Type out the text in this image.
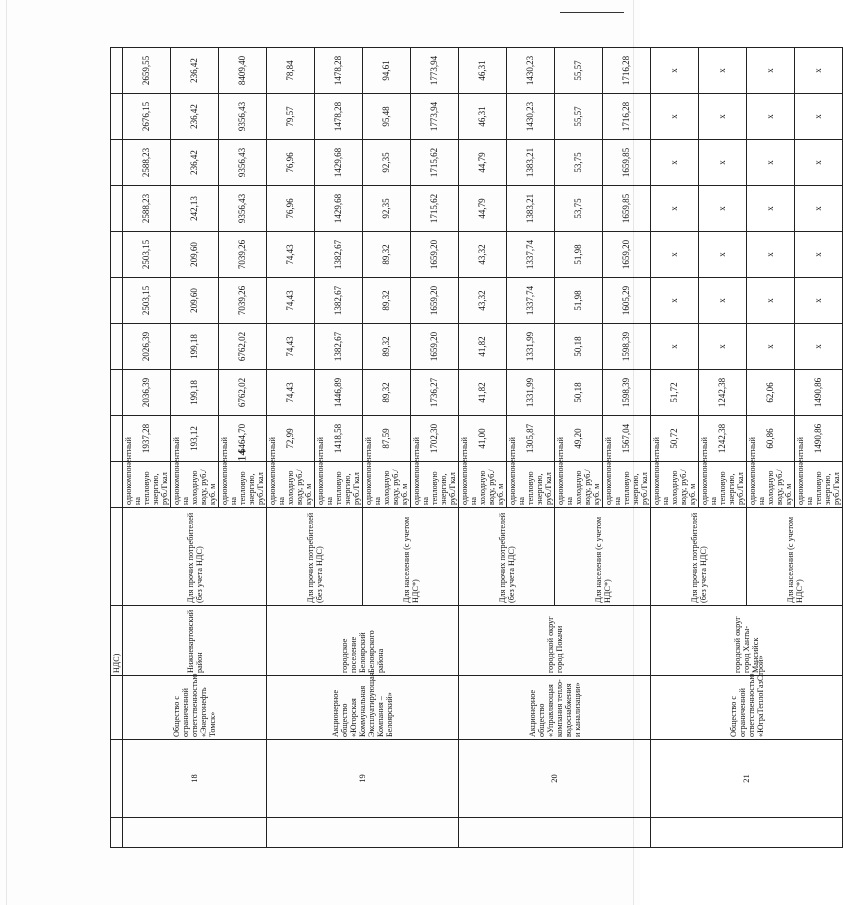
14
			НДС)												
	18	Общество с ограниченной ответственностью «Энергонефть Томск»	Нижневартовский район	Для прочих потребителей (без учета НДС)	однокомпонентный на тепловую энергию, руб./Гкал	1937,28	2036,39	2026,39	2503,15	2503,15	2588,23	2588,23	2676,15	2659,55	
					однокомпонентный на холодную воду, руб./куб. м	193,12	199,18	199,18	209,60	209,60	242,13	236,42	236,42	236,42	
					однокомпонентный на тепловую энергию, руб./Гкал	6464,70	6762,02	6762,02	7039,26	7039,26	9356,43	9356,43	9356,43	8409,40	
	19	Акционерное общество «Югорская Коммунальная Эксплуатирующая Компания – Белоярский»	городское поселение Белоярский Белоярского района	Для прочих потребителей (без учета НДС)	однокомпонентный на холодную воду, руб./куб. м	72,99	74,43	74,43	74,43	74,43	76,96	76,96	79,57	78,84	
					однокомпонентный на тепловую энергию, руб./Гкал	1418,58	1446,89	1382,67	1382,67	1382,67	1429,68	1429,68	1478,28	1478,28	
				Для населения (с учетом НДС*)	однокомпонентный на холодную воду, руб./куб. м	87,59	89,32	89,32	89,32	89,32	92,35	92,35	95,48	94,61	
					однокомпонентный на тепловую энергию, руб./Гкал	1702,30	1736,27	1659,20	1659,20	1659,20	1715,62	1715,62	1773,94	1773,94	
	20	Акционерное общество «Управляющая компания тепло-водоснабжения и канализации»	городской округ город Покачи	Для прочих потребителей (без учета НДС)	однокомпонентный на холодную воду, руб./куб. м	41,00	41,82	41,82	43,32	43,32	44,79	44,79	46,31	46,31	
					однокомпонентный на тепловую энергию, руб./Гкал	1305,87	1331,99	1331,99	1337,74	1337,74	1383,21	1383,21	1430,23	1430,23	
				Для населения (с учетом НДС*)	однокомпонентный на холодную воду, руб./куб. м	49,20	50,18	50,18	51,98	51,98	53,75	53,75	55,57	55,57	
					однокомпонентный на тепловую энергию, руб./Гкал	1567,04	1598,39	1598,39	1605,29	1659,20	1659,85	1659,85	1716,28	1716,28	
	21	Общество с ограниченной ответственностью «ЮграТеплоГазСтрой»	городской округ город Ханты-Мансийск	Для прочих потребителей (без учета НДС)	однокомпонентный на холодную воду, руб./куб. м	50,72	51,72	x	x	x	x	x	x	x	
					однокомпонентный на тепловую энергию, руб./Гкал	1242,38	1242,38	x	x	x	x	x	x	x	
				Для населения (с учетом НДС*)	однокомпонентный на холодную воду, руб./куб. м	60,86	62,06	x	x	x	x	x	x	x	
					однокомпонентный на тепловую энергию, руб./Гкал	1490,86	1490,86	x	x	x	x	x	x	x	
